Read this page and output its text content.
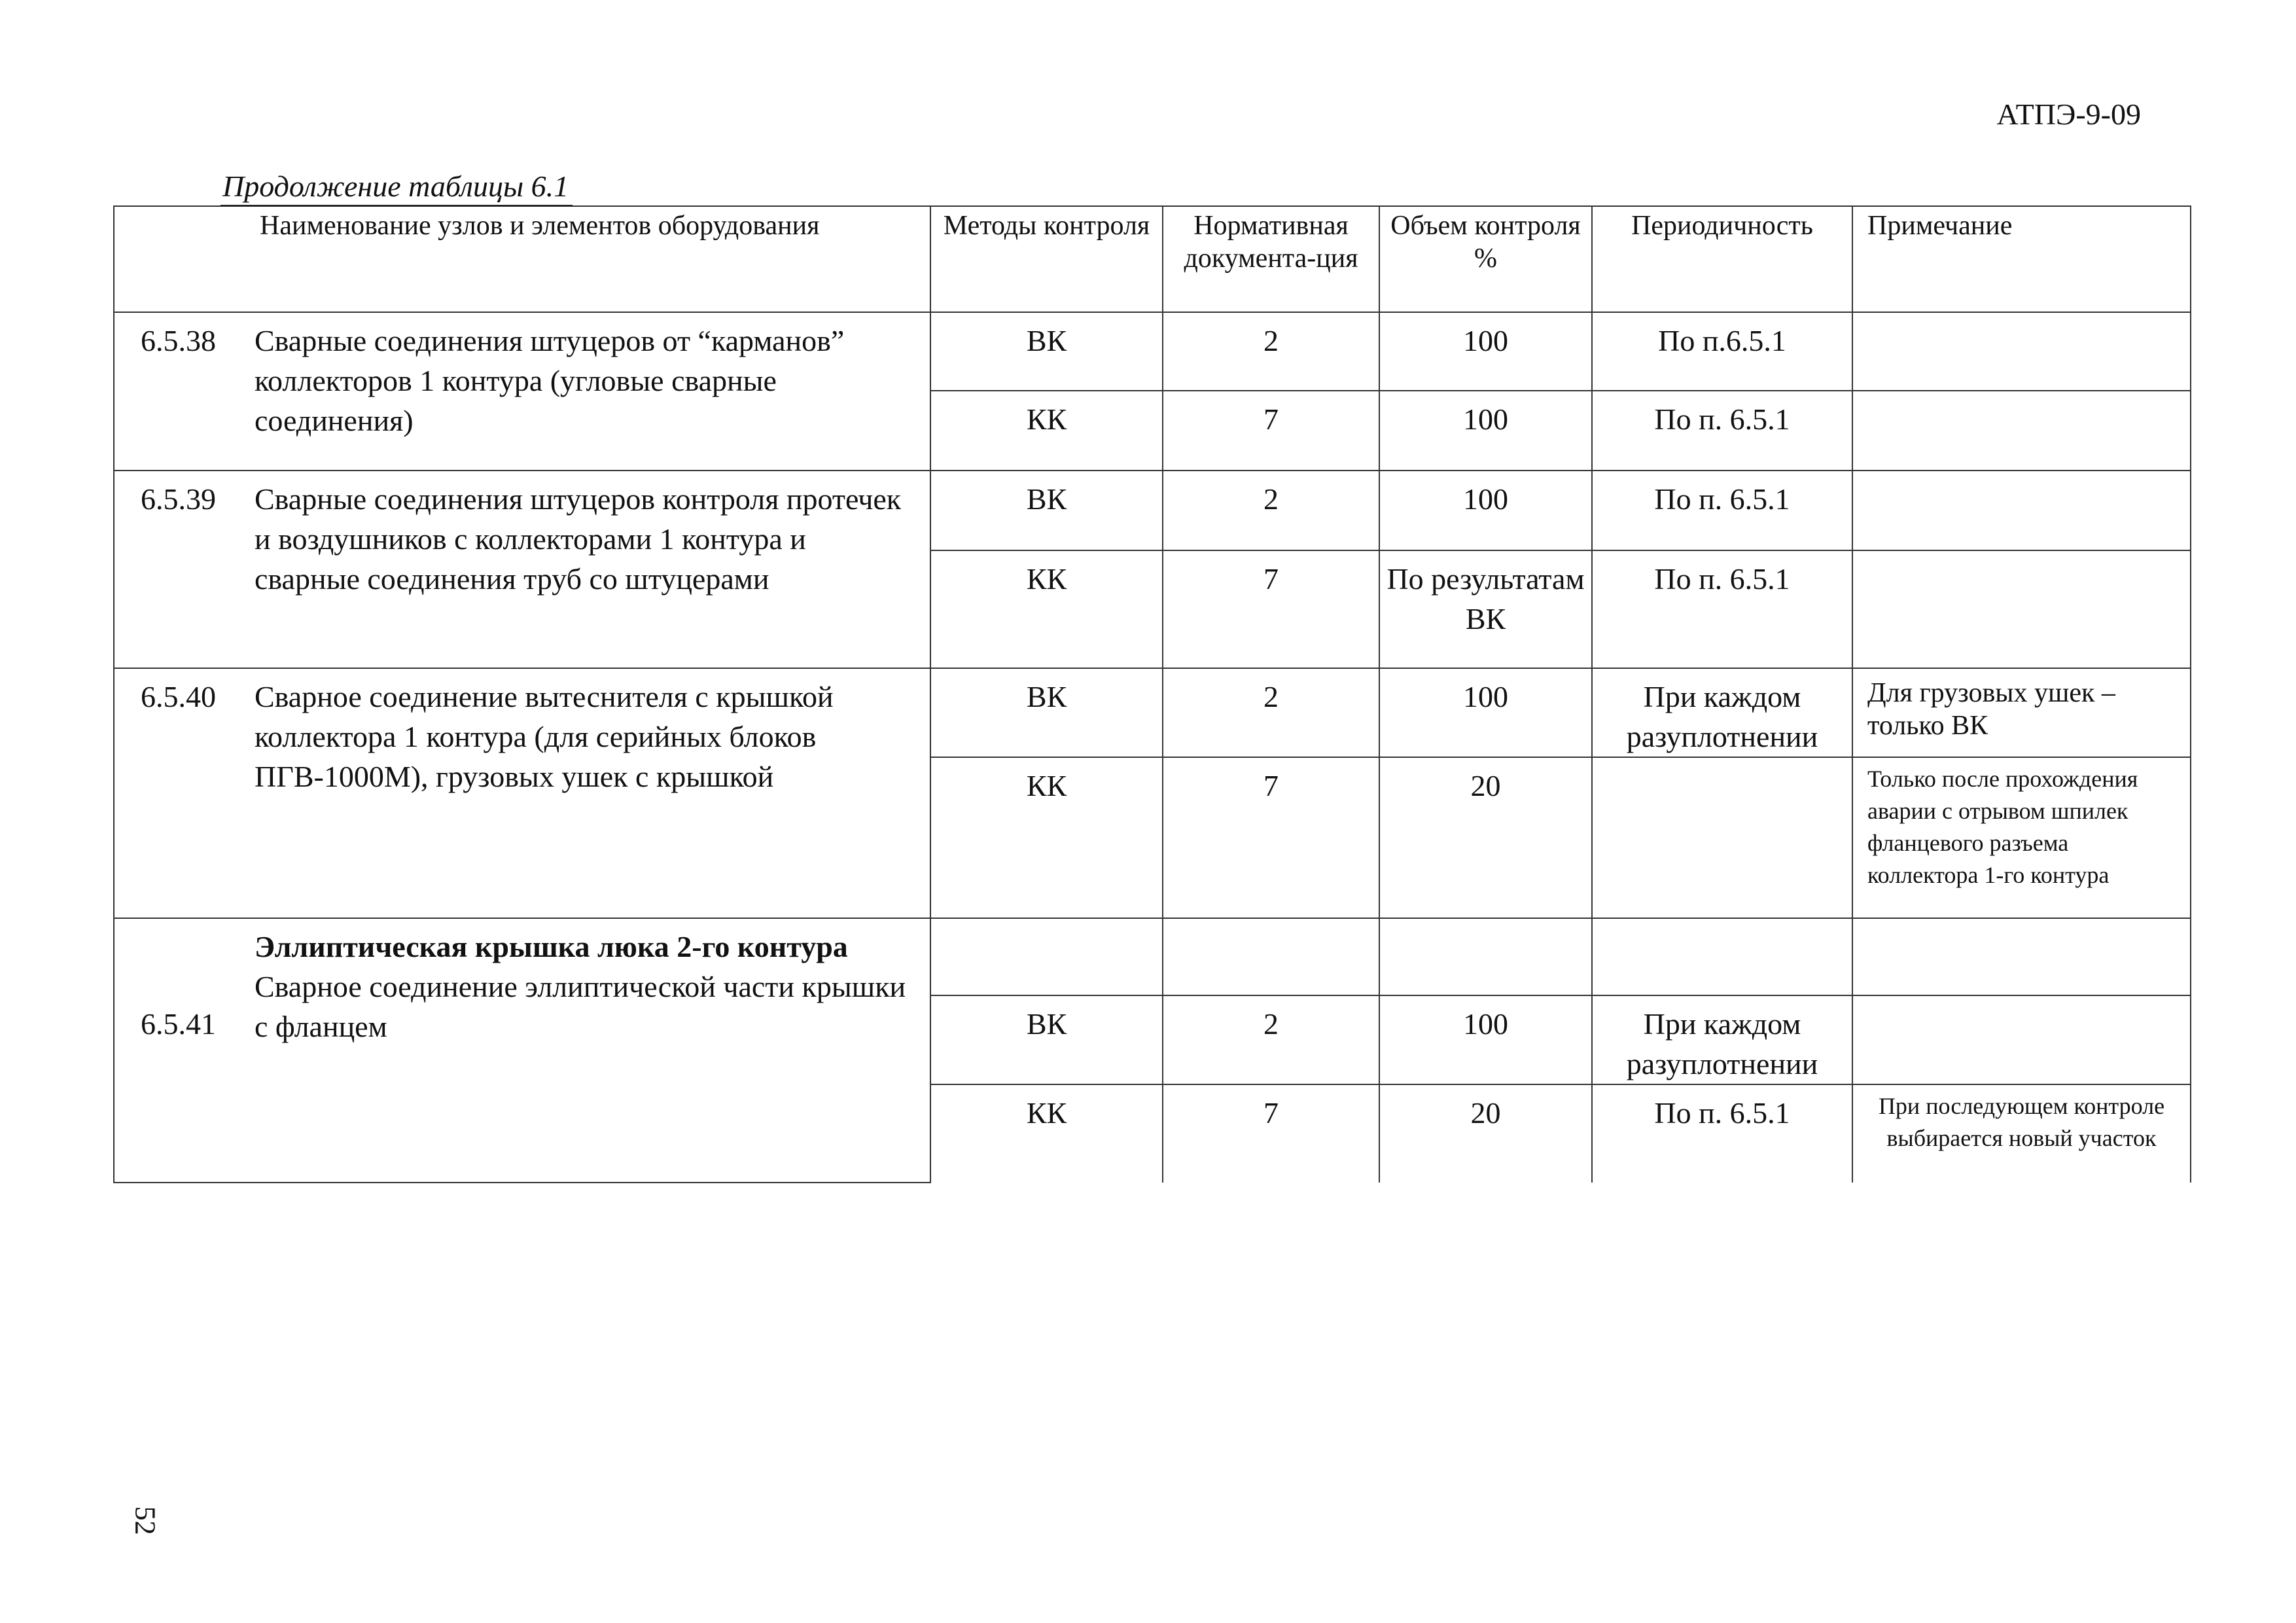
АТПЭ-9-09
Продолжение таблицы 6.1
Наименование узлов и элементов оборудования		Методы контроля	Нормативная документа-ция	Объем контроля %	Периодичность	Примечание
6.5.38	Сварные соединения штуцеров от “карманов” коллекторов 1 контура (угловые сварные соединения)	ВК	2	100	По п.6.5.1	
		КК	7	100	По п. 6.5.1	
6.5.39	Сварные соединения штуцеров контроля протечек и воздушников с коллекторами 1 контура и сварные соединения труб со штуцерами	ВК	2	100	По п. 6.5.1	
		КК	7	По результатам ВК	По п. 6.5.1	
6.5.40	Сварное соединение вытеснителя с крышкой коллектора 1 контура (для серийных блоков ПГВ-1000М), грузовых ушек с крышкой	ВК	2	100	При каждом разуплотнении	Для грузовых ушек – только ВК
		КК	7	20		Только после прохождения аварии с отрывом шпилек фланцевого разъема коллектора 1-го контура
6.5.41	Эллиптическая крышка люка 2-го контура
Сварное соединение эллиптической части крышки с фланцем					

		ВК	2	100	При каждом разуплотнении	
		КК	7	20	По п. 6.5.1	При последующем контроле выбирается новый участок
52
